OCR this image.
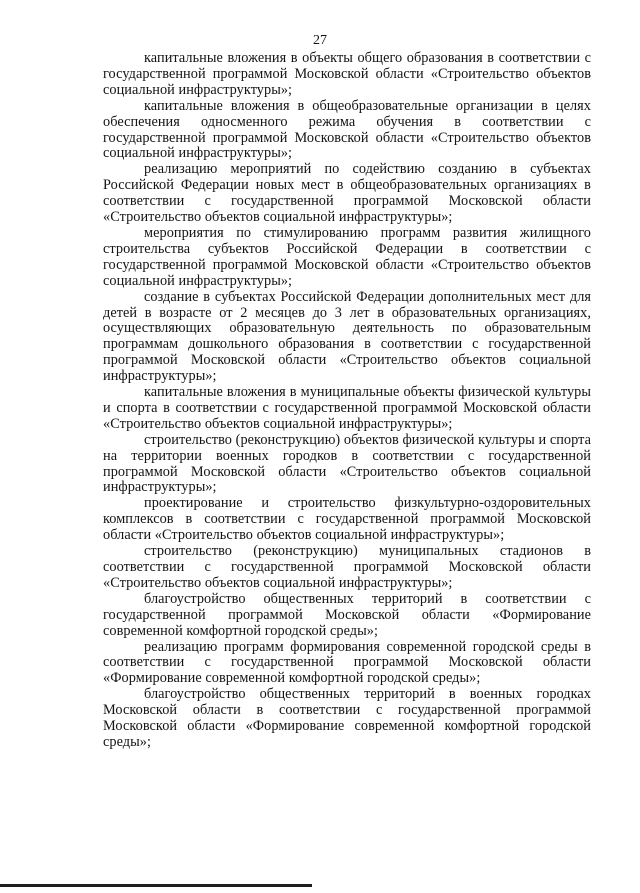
27

капитальные вложения в объекты общего образования в соответствии с государственной программой Московской области «Строительство объектов социальной инфраструктуры»;

капитальные вложения в общеобразовательные организации в целях обеспечения односменного режима обучения в соответствии с государственной программой Московской области «Строительство объектов социальной инфраструктуры»;

реализацию мероприятий по содействию созданию в субъектах Российской Федерации новых мест в общеобразовательных организациях в соответствии с государственной программой Московской области «Строительство объектов социальной инфраструктуры»;

мероприятия по стимулированию программ развития жилищного строительства субъектов Российской Федерации в соответствии с государственной программой Московской области «Строительство объектов социальной инфраструктуры»;

создание в субъектах Российской Федерации дополнительных мест для детей в возрасте от 2 месяцев до 3 лет в образовательных организациях, осуществляющих образовательную деятельность по образовательным программам дошкольного образования в соответствии с государственной программой Московской области «Строительство объектов социальной инфраструктуры»;

капитальные вложения в муниципальные объекты физической культуры и спорта в соответствии с государственной программой Московской области «Строительство объектов социальной инфраструктуры»;

строительство (реконструкцию) объектов физической культуры и спорта на территории военных городков в соответствии с государственной программой Московской области «Строительство объектов социальной инфраструктуры»;

проектирование и строительство физкультурно-оздоровительных комплексов в соответствии с государственной программой Московской области «Строительство объектов социальной инфраструктуры»;

строительство (реконструкцию) муниципальных стадионов в соответствии с государственной программой Московской области «Строительство объектов социальной инфраструктуры»;

благоустройство общественных территорий в соответствии с государственной программой Московской области «Формирование современной комфортной городской среды»;

реализацию программ формирования современной городской среды в соответствии с государственной программой Московской области «Формирование современной комфортной городской среды»;

благоустройство общественных территорий в военных городках Московской области в соответствии с государственной программой Московской области «Формирование современной комфортной городской среды»;
